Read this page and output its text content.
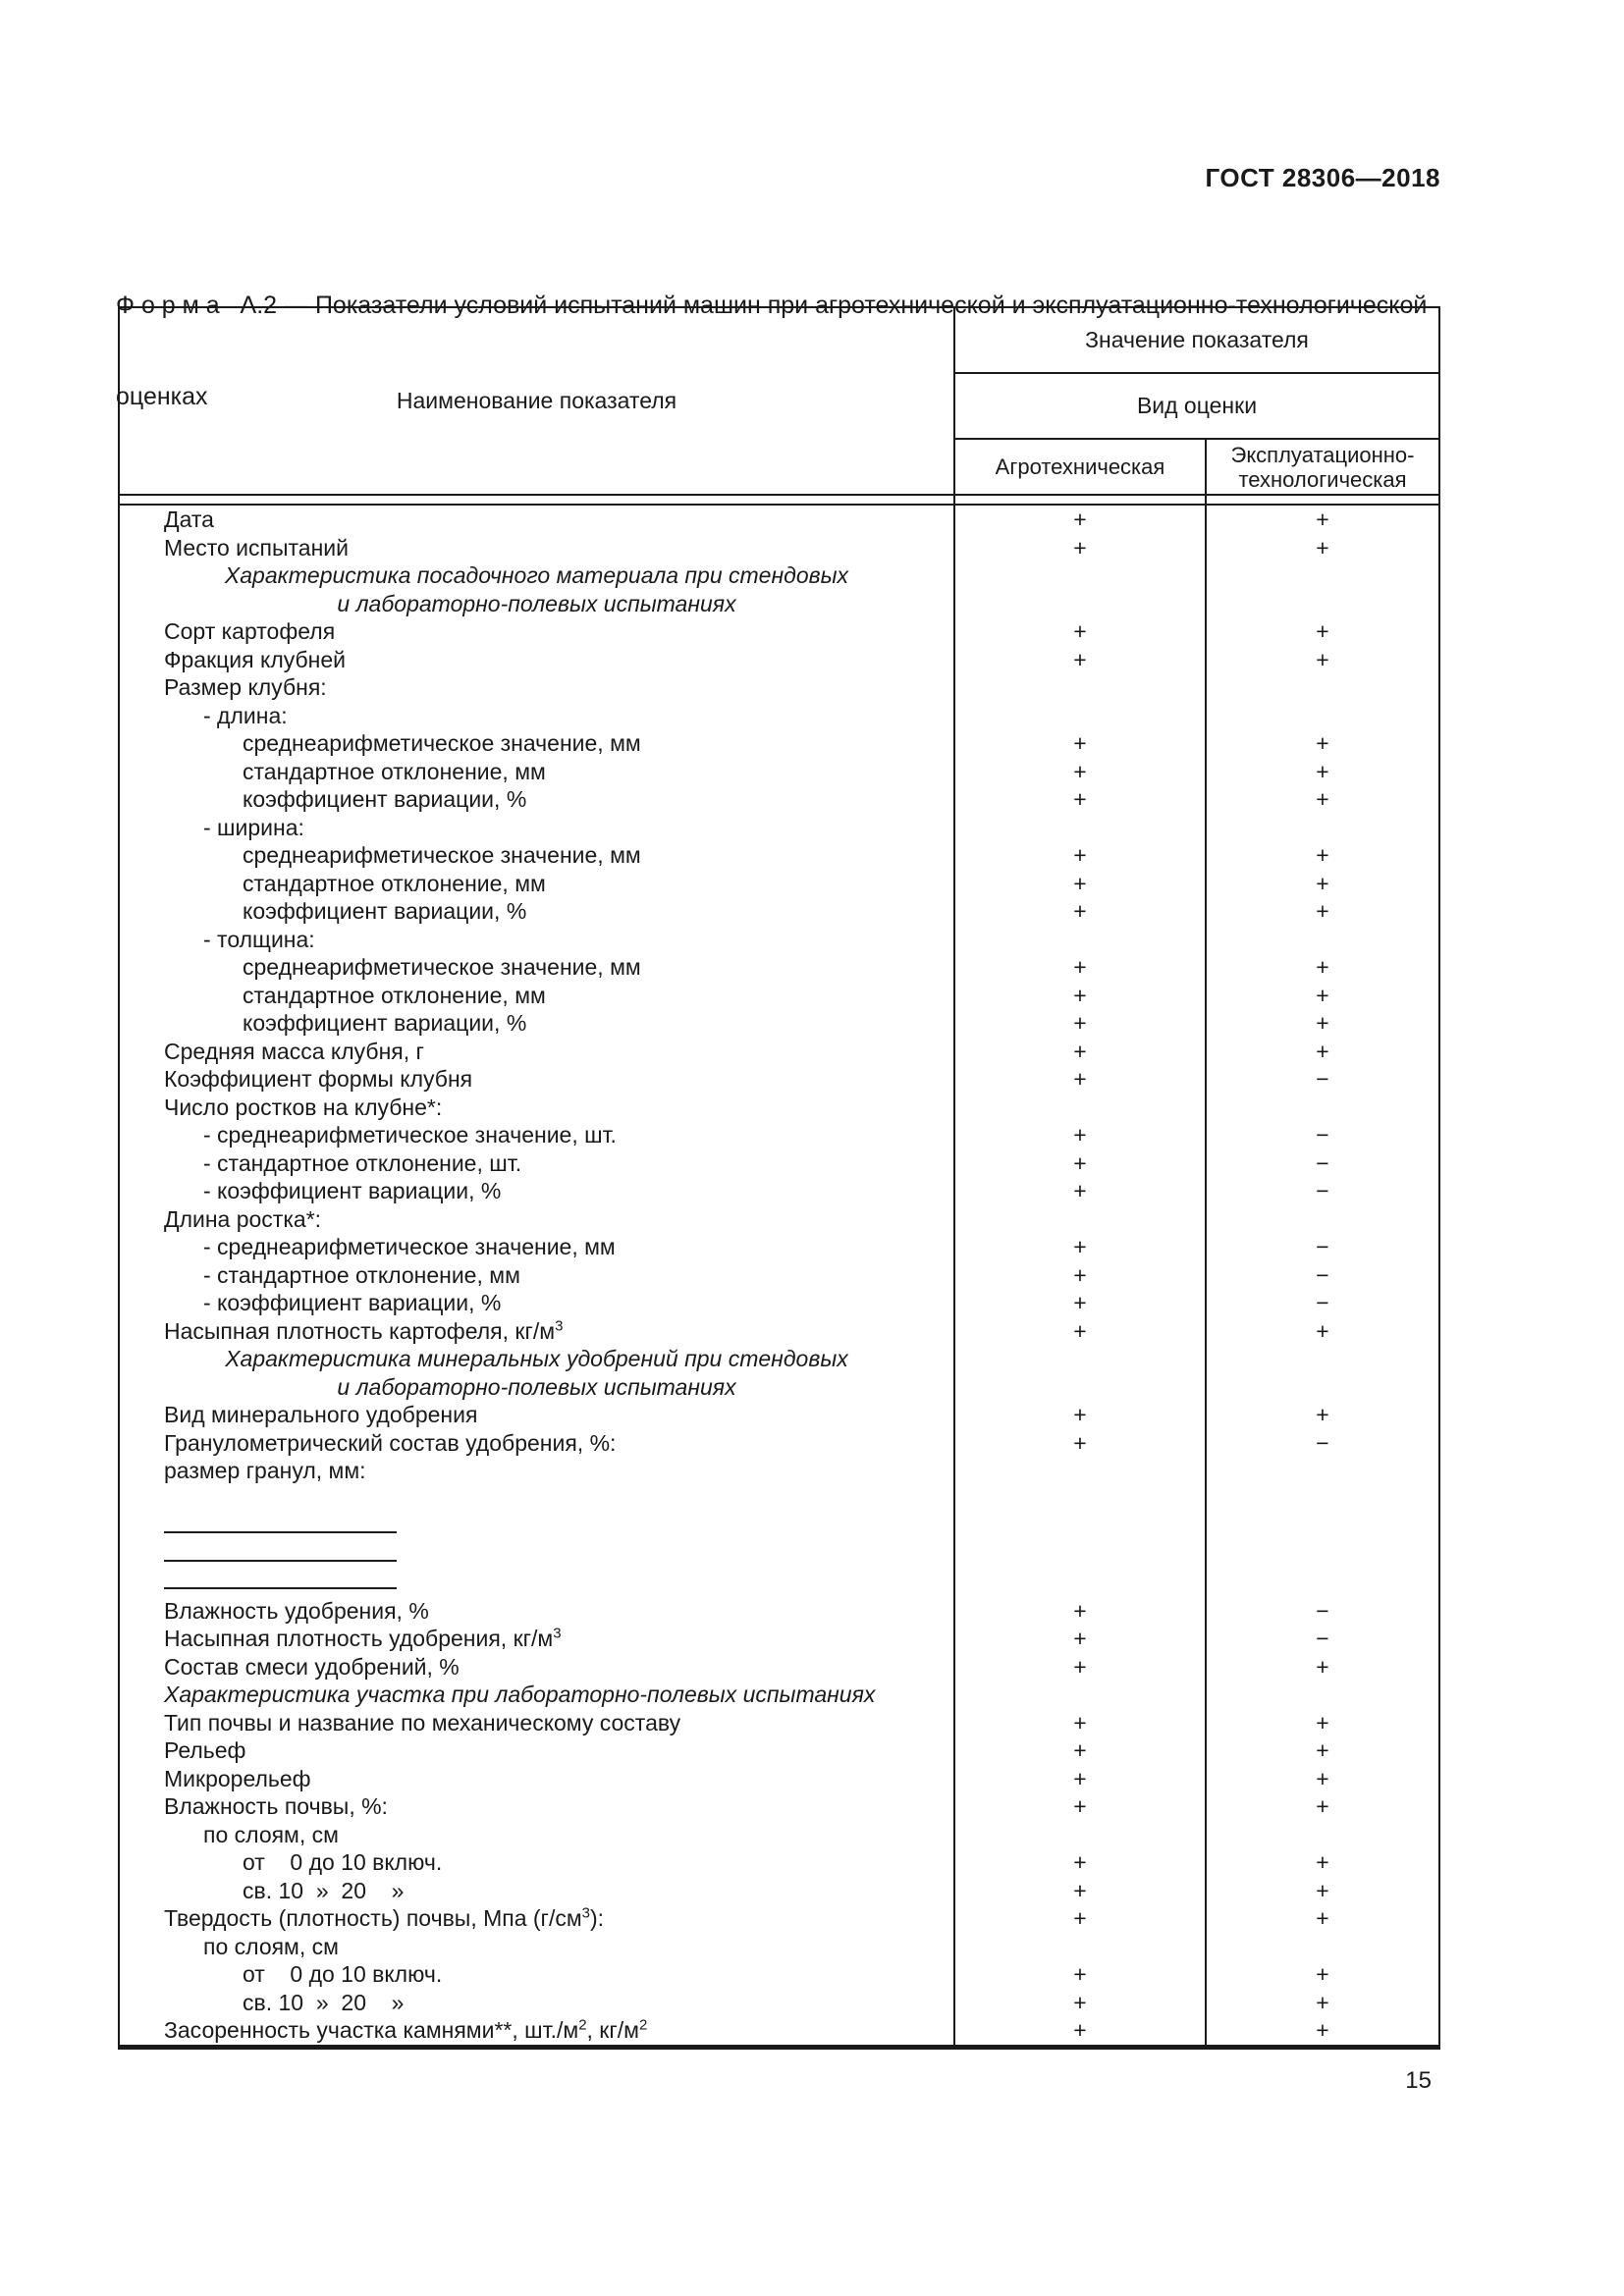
ГОСТ 28306—2018

Ф о р м а   А.2 — Показатели условий испытаний машин при агротехнической и эксплуатационно-технологической

оценках

	Наименование показателя
Значение показателя
Вид оценки
Агротехническая	Эксплуатационно-технологическая
Дата	+	+
Место испытаний	+	+
Характеристика посадочного материала при стендовых
и лабораторно-полевых испытаниях
Сорт картофеля	+	+
Фракция клубней	+	+
Размер клубня:
- длина:
среднеарифметическое значение, мм	+	+
стандартное отклонение, мм	+	+
коэффициент вариации, %	+	+
- ширина:
среднеарифметическое значение, мм	+	+
стандартное отклонение, мм	+	+
коэффициент вариации, %	+	+
- толщина:
среднеарифметическое значение, мм	+	+
стандартное отклонение, мм	+	+
коэффициент вариации, %	+	+
Средняя масса клубня, г	+	+
Коэффициент формы клубня	+	−
Число ростков на клубне*:
- среднеарифметическое значение, шт.	+	−
- стандартное отклонение, шт.	+	−
- коэффициент вариации, %	+	−
Длина ростка*:
- среднеарифметическое значение, мм	+	−
- стандартное отклонение, мм	+	−
- коэффициент вариации, %	+	−
Насыпная плотность картофеля, $кг/м^3$	+	+
Характеристика минеральных удобрений при стендовых
и лабораторно-полевых испытаниях
Вид минерального удобрения	+	+
Гранулометрический состав удобрения, %:	+	−
размер гранул, мм:
Влажность удобрения, %	+	−
Насыпная плотность удобрения, $кг/м^3$	+	−
Состав смеси удобрений, %	+	+
Характеристика участка при лабораторно-полевых испытаниях
Тип почвы и название по механическому составу	+	+
Рельеф	+	+
Микрорельеф	+	+
Влажность почвы, %:	+	+
по слоям, см
от    0 до 10 включ.	+	+
св. 10  »  20    »	+	+
Твердость (плотность) почвы, Мпа $(г/см^3)$:	+	+
по слоям, см
от    0 до 10 включ.	+	+
св. 10  »  20    »	+	+
Засоренность участка камнями**, $шт./м^2$, $кг/м^2$	+	+
15
